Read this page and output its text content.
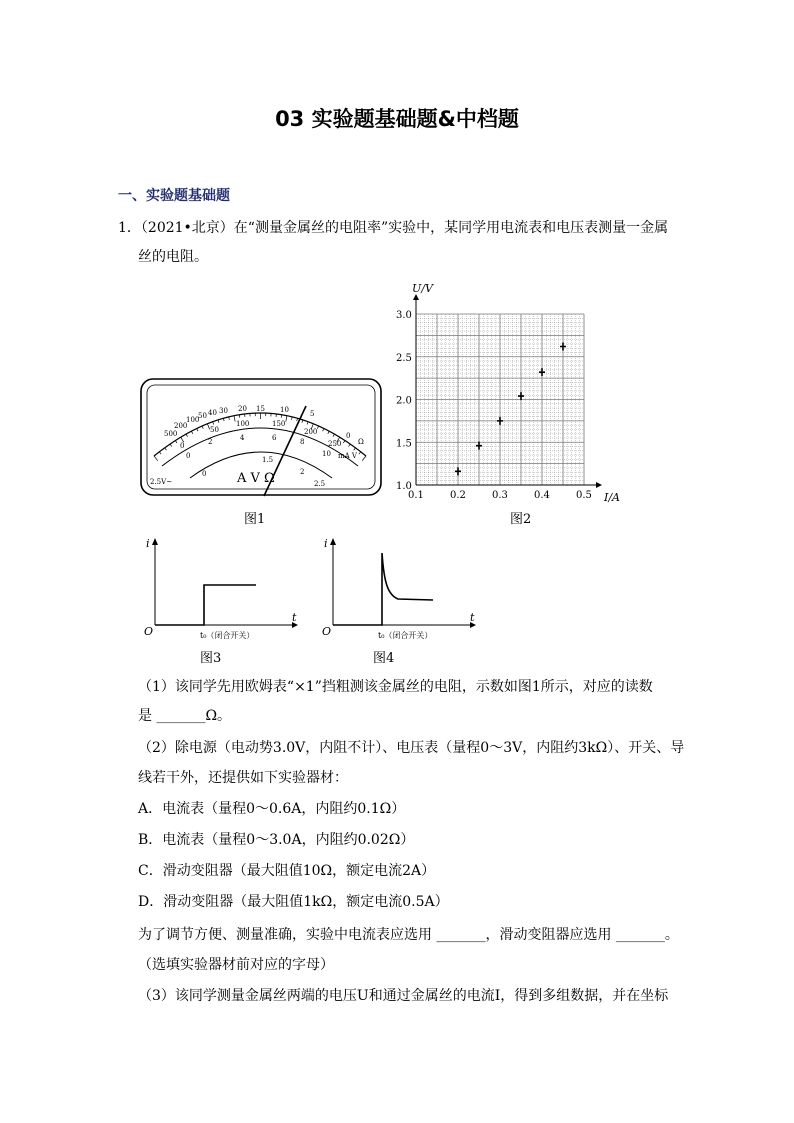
03 实验题基础题&中档题
一、实验题基础题
1．（2021•北京）在“测量金属丝的电阻率”实验中，某同学用电流表和电压表测量一金属
丝的电阻。
500
200
100
50 40 30 20 15 10	5
0
Ω
0
50
100	150
200
250
0
2	4	6	8
10
0
1.5
2
2.5
mA V
2.5V~	A V Ω
图1
0.1	0.2	0.3	0.4	0.5
1.0
1.5
2.0
2.5
3.0
U/V
I/A
图2
O
i
t
t₀（闭合开关）
图3
O
i
t
t₀（闭合开关）
图4
（1）该同学先用欧姆表“×1”挡粗测该金属丝的电阻，示数如图1所示，对应的读数
是 _______Ω。
（2）除电源（电动势3.0V，内阻不计）、电压表（量程0～3V，内阻约3kΩ）、开关、导
线若干外，还提供如下实验器材：
A．电流表（量程0～0.6A，内阻约0.1Ω）
B．电流表（量程0～3.0A，内阻约0.02Ω）
C．滑动变阻器（最大阻值10Ω，额定电流2A）
D．滑动变阻器（最大阻值1kΩ，额定电流0.5A）
为了调节方便、测量准确，实验中电流表应选用 _______，滑动变阻器应选用 _______。
（选填实验器材前对应的字母）
（3）该同学测量金属丝两端的电压U和通过金属丝的电流I，得到多组数据，并在坐标
